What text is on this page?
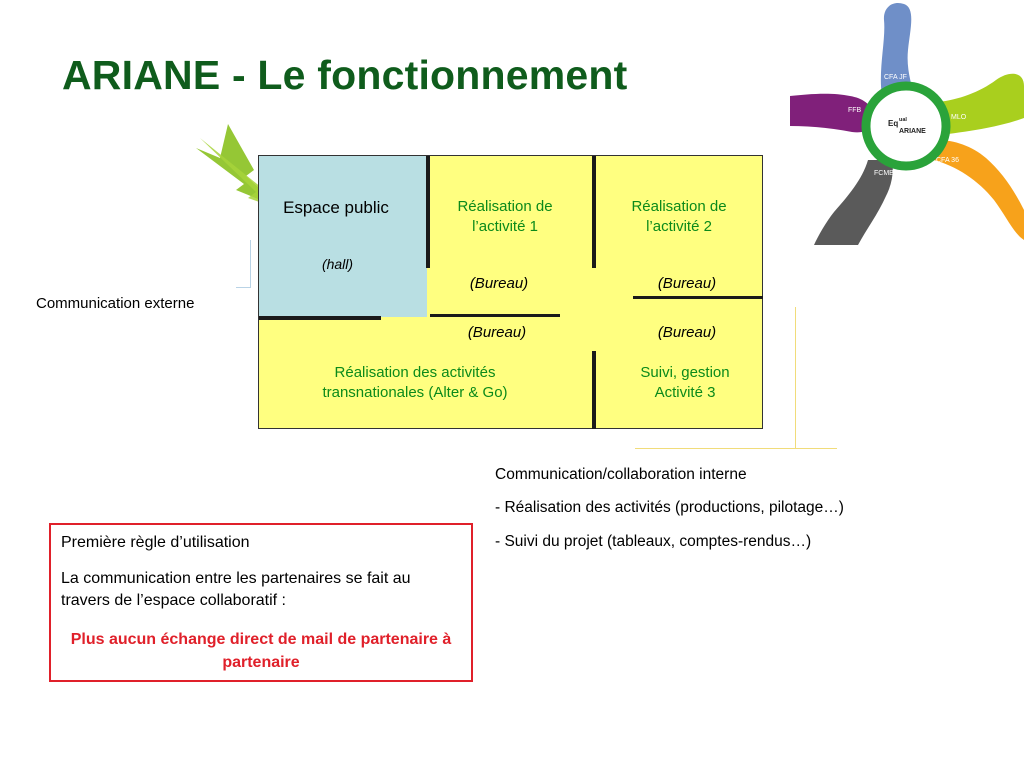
ARIANE - Le fonctionnement
Espace public
(hall)
Réalisation de l’activité 1
(Bureau)
Réalisation de l’activité 2
(Bureau)
(Bureau)
Réalisation des activités transnationales (Alter & Go)
(Bureau)
Suivi, gestion Activité 3
Communication externe
Communication/collaboration interne
- Réalisation des activités (productions, pilotage…)
- Suivi du projet (tableaux, comptes-rendus…)
Première règle d’utilisation
La communication entre les partenaires se fait au travers de l’espace collaboratif :
Plus aucun échange direct de mail de partenaire à partenaire
CFA JF
MLO
CFA 36
FCMB
FFB
Eq ual
ARIANE
